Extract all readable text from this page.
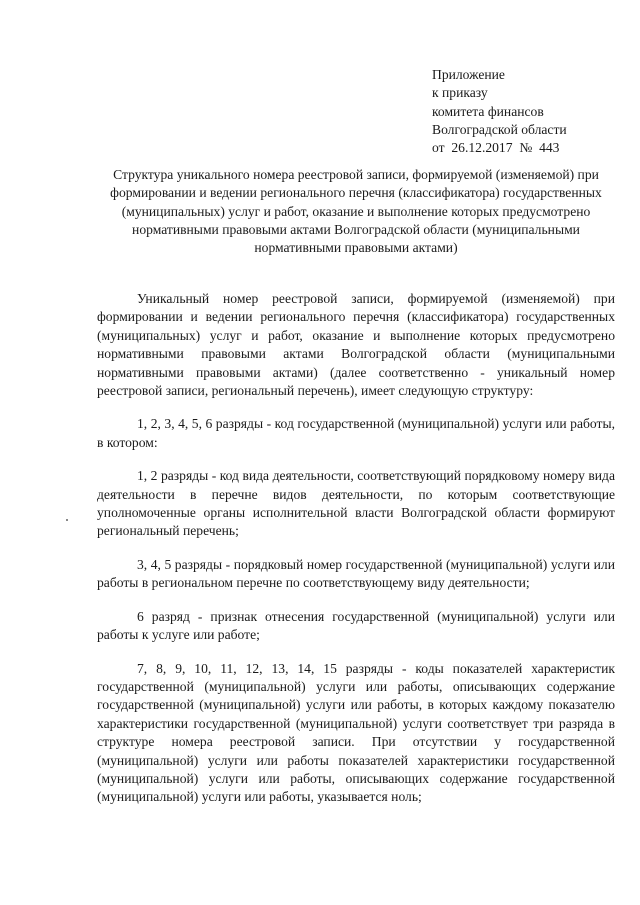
Приложение
к приказу
комитета финансов
Волгоградской области
от  26.12.2017  №  443
Структура уникального номера реестровой записи, формируемой (изменяемой) при формировании и ведении регионального перечня (классификатора) государственных (муниципальных) услуг и работ, оказание и выполнение которых предусмотрено нормативными правовыми актами Волгоградской области (муниципальными нормативными правовыми актами)

Уникальный номер реестровой записи, формируемой (изменяемой) при формировании и ведении регионального перечня (классификатора) государственных (муниципальных) услуг и работ, оказание и выполнение которых предусмотрено нормативными правовыми актами Волгоградской области (муниципальными нормативными правовыми актами) (далее соответственно - уникальный номер реестровой записи, региональный перечень), имеет следующую структуру:

1, 2, 3, 4, 5, 6 разряды - код государственной (муниципальной) услуги или работы, в котором:

1, 2 разряды - код вида деятельности, соответствующий порядковому номеру вида деятельности в перечне видов деятельности, по которым соответствующие уполномоченные органы исполнительной власти Волгоградской области формируют региональный перечень;

3, 4, 5 разряды - порядковый номер государственной (муниципальной) услуги или работы в региональном перечне по соответствующему виду деятельности;

6 разряд - признак отнесения государственной (муниципальной) услуги или работы к услуге или работе;

7, 8, 9, 10, 11, 12, 13, 14, 15 разряды - коды показателей характеристик государственной (муниципальной) услуги или работы, описывающих содержание государственной (муниципальной) услуги или работы, в которых каждому показателю характеристики государственной (муниципальной) услуги соответствует три разряда в структуре номера реестровой записи. При отсутствии у государственной (муниципальной) услуги или работы показателей характеристики государственной (муниципальной) услуги или работы, описывающих содержание государственной (муниципальной) услуги или работы, указывается ноль;
